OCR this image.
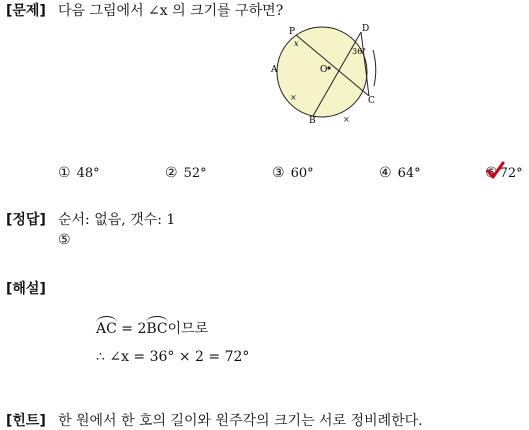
[문제] 다음 그림에서 ∠x 의 크기를 구하면?
×
×
P	D
A	O
C
B
x
36°
① 48°	② 52°	③ 60°	④ 64°	⑤ 72°
[정답] 순서: 없음, 갯수: 1
⑤
[해설]
AC = 2BC이므로
∴ ∠x = 36° × 2 = 72°
[힌트] 한 원에서 한 호의 길이와 원주각의 크기는 서로 정비례한다.
